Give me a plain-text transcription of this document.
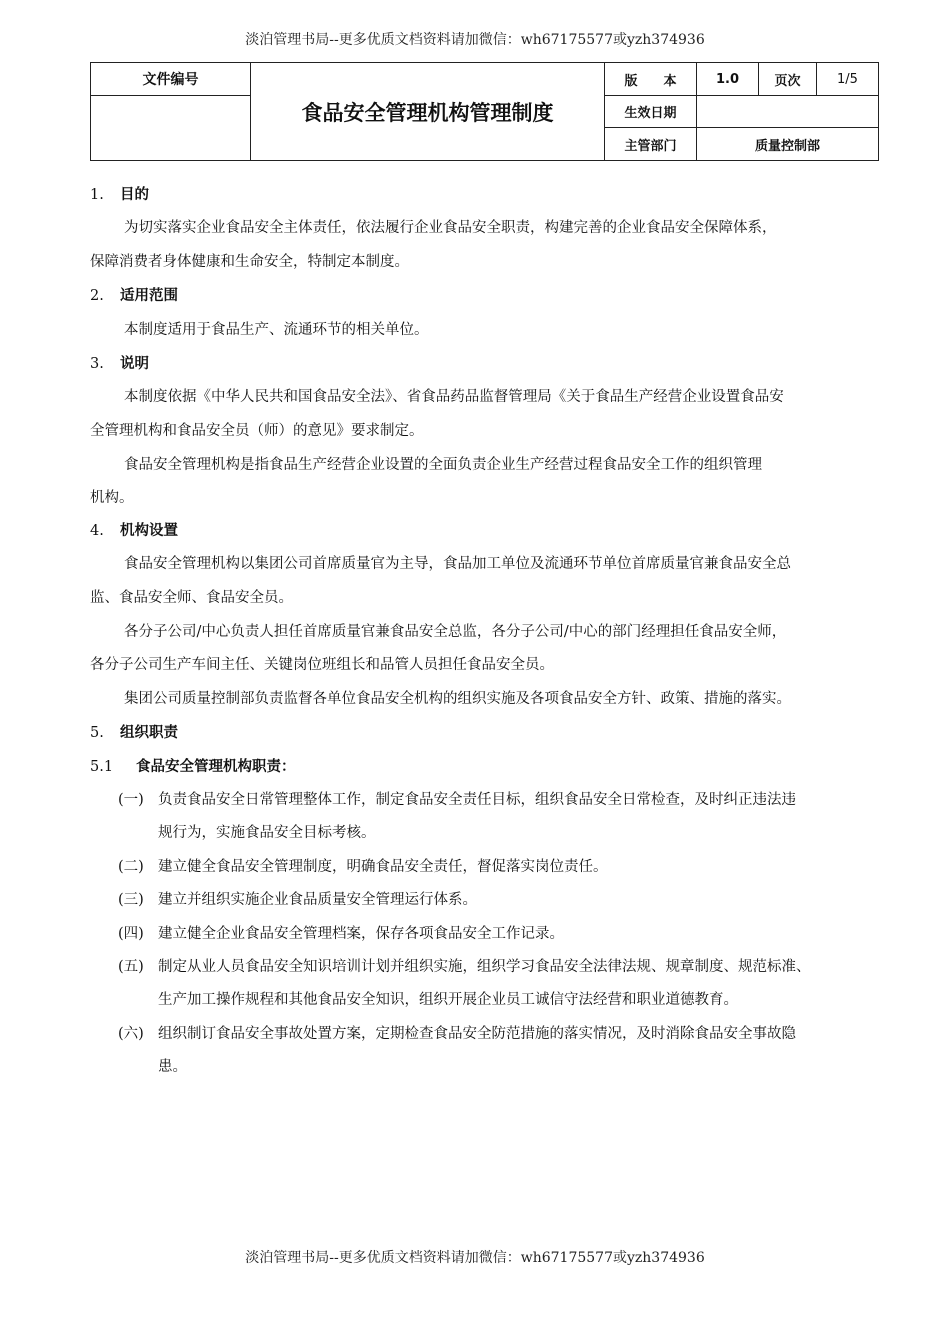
淡泊管理书局--更多优质文档资料请加微信：wh67175577或yzh374936
文件编号	食品安全管理机构管理制度	版　　本	1.0	页次	1/5
		生效日期			
		主管部门	质量控制部		
1. 目的
为切实落实企业食品安全主体责任，依法履行企业食品安全职责，构建完善的企业食品安全保障体系，
保障消费者身体健康和生命安全，特制定本制度。
2. 适用范围
本制度适用于食品生产、流通环节的相关单位。
3. 说明
本制度依据《中华人民共和国食品安全法》、省食品药品监督管理局《关于食品生产经营企业设置食品安
全管理机构和食品安全员（师）的意见》要求制定。
食品安全管理机构是指食品生产经营企业设置的全面负责企业生产经营过程食品安全工作的组织管理
机构。
4. 机构设置
食品安全管理机构以集团公司首席质量官为主导，食品加工单位及流通环节单位首席质量官兼食品安全总
监、食品安全师、食品安全员。
各分子公司/中心负责人担任首席质量官兼食品安全总监，各分子公司/中心的部门经理担任食品安全师，
各分子公司生产车间主任、关键岗位班组长和品管人员担任食品安全员。
集团公司质量控制部负责监督各单位食品安全机构的组织实施及各项食品安全方针、政策、措施的落实。
5. 组织职责
5.1 食品安全管理机构职责：
(一) 负责食品安全日常管理整体工作，制定食品安全责任目标，组织食品安全日常检查，及时纠正违法违
规行为，实施食品安全目标考核。
(二) 建立健全食品安全管理制度，明确食品安全责任，督促落实岗位责任。
(三) 建立并组织实施企业食品质量安全管理运行体系。
(四) 建立健全企业食品安全管理档案，保存各项食品安全工作记录。
(五) 制定从业人员食品安全知识培训计划并组织实施，组织学习食品安全法律法规、规章制度、规范标准、
生产加工操作规程和其他食品安全知识，组织开展企业员工诚信守法经营和职业道德教育。
(六) 组织制订食品安全事故处置方案，定期检查食品安全防范措施的落实情况，及时消除食品安全事故隐
患。
淡泊管理书局--更多优质文档资料请加微信：wh67175577或yzh374936
